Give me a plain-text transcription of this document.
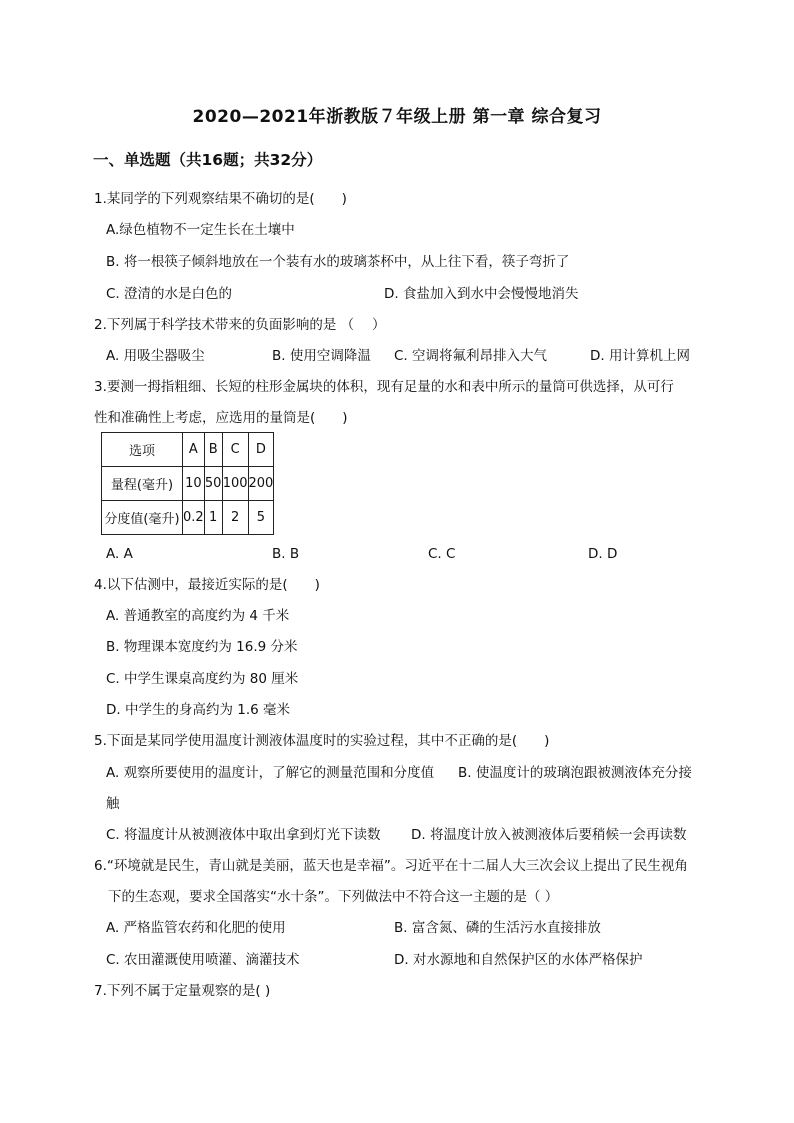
2020—2021年浙教版７年级上册 第一章 综合复习
一、单选题（共16题；共32分）
1.某同学的下列观察结果不确切的是(　　)
A.绿色植物不一定生长在土壤中
B. 将一根筷子倾斜地放在一个装有水的玻璃茶杯中，从上往下看，筷子弯折了
C. 澄清的水是白色的	D. 食盐加入到水中会慢慢地消失
2.下列属于科学技术带来的负面影响的是 （　 ）
A. 用吸尘器吸尘	B. 使用空调降温 C. 空调将氟利昂排入大气	D. 用计算机上网
3.要测一拇指粗细、长短的柱形金属块的体积，现有足量的水和表中所示的量筒可供选择，从可行
性和准确性上考虑，应选用的量筒是(　　)
选项	A	B	C	D
量程(毫升)	10	50	100	200
分度值(毫升)	0.2	1	2	5
A. A	B. B	C. C	D. D
4.以下估测中，最接近实际的是(　　)
A. 普通教室的高度约为 4 千米
B. 物理课本宽度约为 16.9 分米
C. 中学生课桌高度约为 80 厘米
D. 中学生的身高约为 1.6 毫米
5.下面是某同学使用温度计测液体温度时的实验过程，其中不正确的是(　　)
A. 观察所要使用的温度计，了解它的测量范围和分度值 B. 使温度计的玻璃泡跟被测液体充分接
触
C. 将温度计从被测液体中取出拿到灯光下读数 D. 将温度计放入被测液体后要稍候一会再读数
6.“环境就是民生，青山就是美丽，蓝天也是幸福”。习近平在十二届人大三次会议上提出了民生视角
下的生态观，要求全国落实“水十条”。下列做法中不符合这一主题的是（ ）
A. 严格监管农药和化肥的使用	B. 富含氮、磷的生活污水直接排放
C. 农田灌溉使用喷灌、滴灌技术	D. 对水源地和自然保护区的水体严格保护
7.下列不属于定量观察的是( )
